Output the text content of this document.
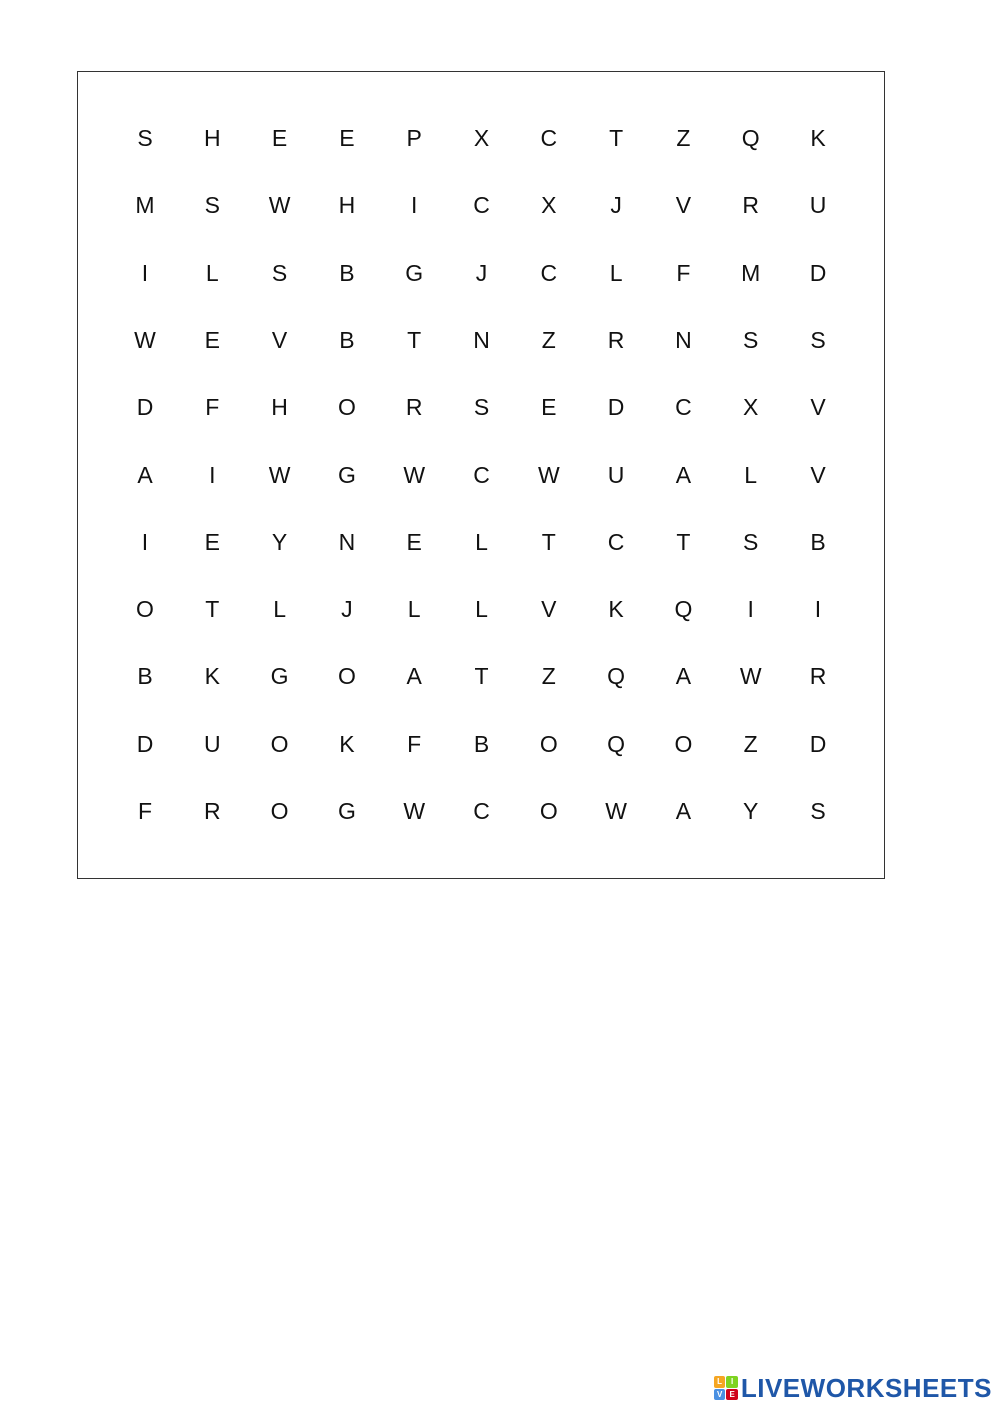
S	H	E	E	P	X	C	T	Z	Q	K
M	S	W	H	I	C	X	J	V	R	U
I	L	S	B	G	J	C	L	F	M	D
W	E	V	B	T	N	Z	R	N	S	S
D	F	H	O	R	S	E	D	C	X	V
A	I	W	G	W	C	W	U	A	L	V
I	E	Y	N	E	L	T	C	T	S	B
O	T	L	J	L	L	V	K	Q	I	I
B	K	G	O	A	T	Z	Q	A	W	R
D	U	O	K	F	B	O	Q	O	Z	D
F	R	O	G	W	C	O	W	A	Y	S
L	I
V E LIVEWORKSHEETS
